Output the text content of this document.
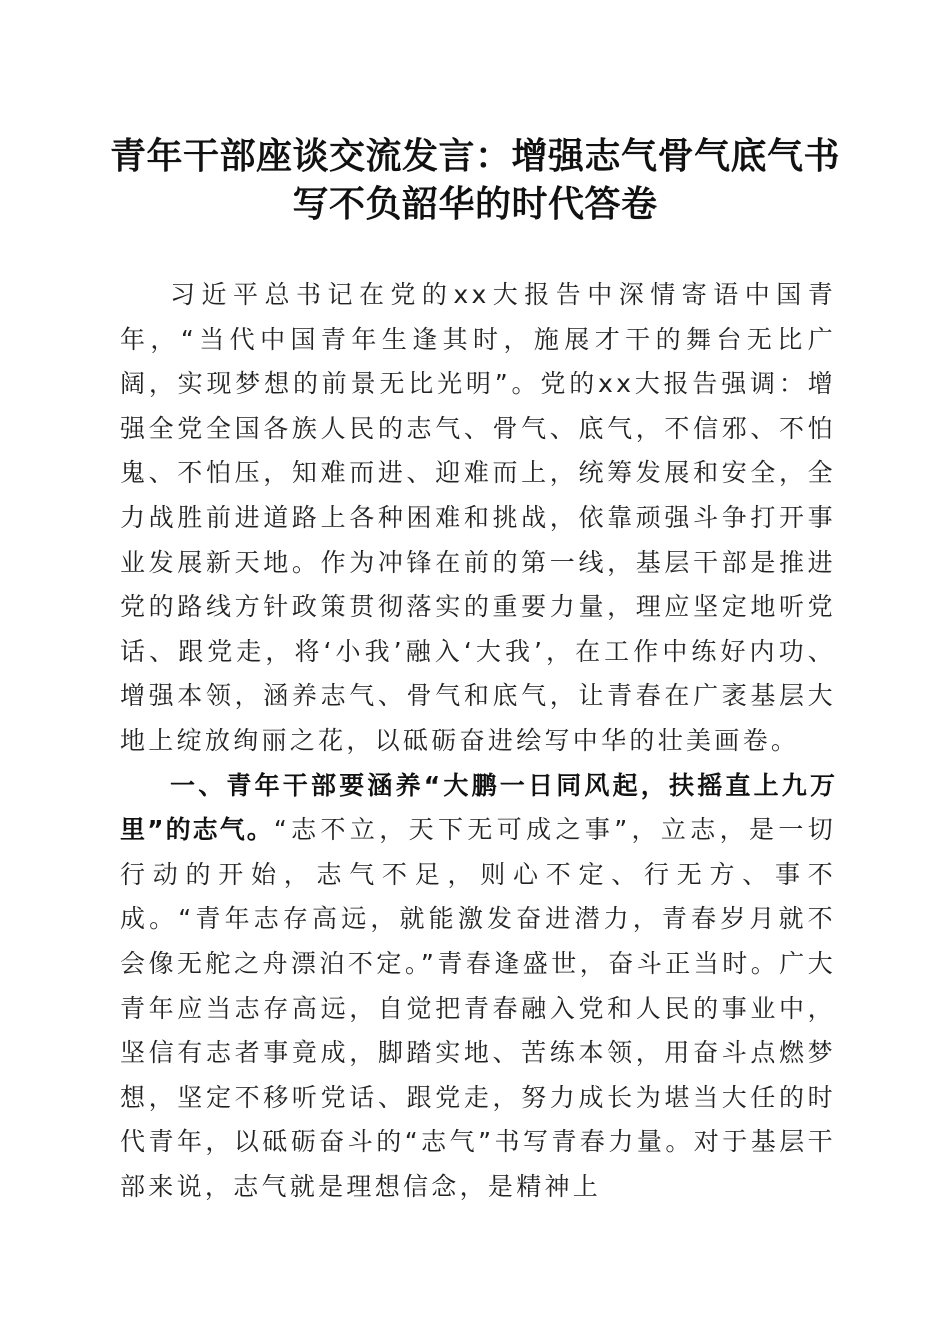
青年干部座谈交流发言：增强志气骨气底气书
写不负韶华的时代答卷

习近平总书记在党的xx大报告中深情寄语中国青年，“当代中国青年生逢其时，施展才干的舞台无比广阔，实现梦想的前景无比光明”。党的xx大报告强调：增强全党全国各族人民的志气、骨气、底气，不信邪、不怕鬼、不怕压，知难而进、迎难而上，统筹发展和安全，全力战胜前进道路上各种困难和挑战，依靠顽强斗争打开事业发展新天地。作为冲锋在前的第一线，基层干部是推进党的路线方针政策贯彻落实的重要力量，理应坚定地听党话、跟党走，将‘小我’融入‘大我’，在工作中练好内功、增强本领，涵养志气、骨气和底气，让青春在广袤基层大地上绽放绚丽之花，以砥砺奋进绘写中华的壮美画卷。

一、青年干部要涵养“大鹏一日同风起，扶摇直上九万里”的志气。“志不立，天下无可成之事”，立志，是一切行动的开始，志气不足，则心不定、行无方、事不成。“青年志存高远，就能激发奋进潜力，青春岁月就不会像无舵之舟漂泊不定。”青春逢盛世，奋斗正当时。广大青年应当志存高远，自觉把青春融入党和人民的事业中，坚信有志者事竟成，脚踏实地、苦练本领，用奋斗点燃梦想，坚定不移听党话、跟党走，努力成长为堪当大任的时代青年，以砥砺奋斗的“志气”书写青春力量。对于基层干部来说，志气就是理想信念，是精神上
